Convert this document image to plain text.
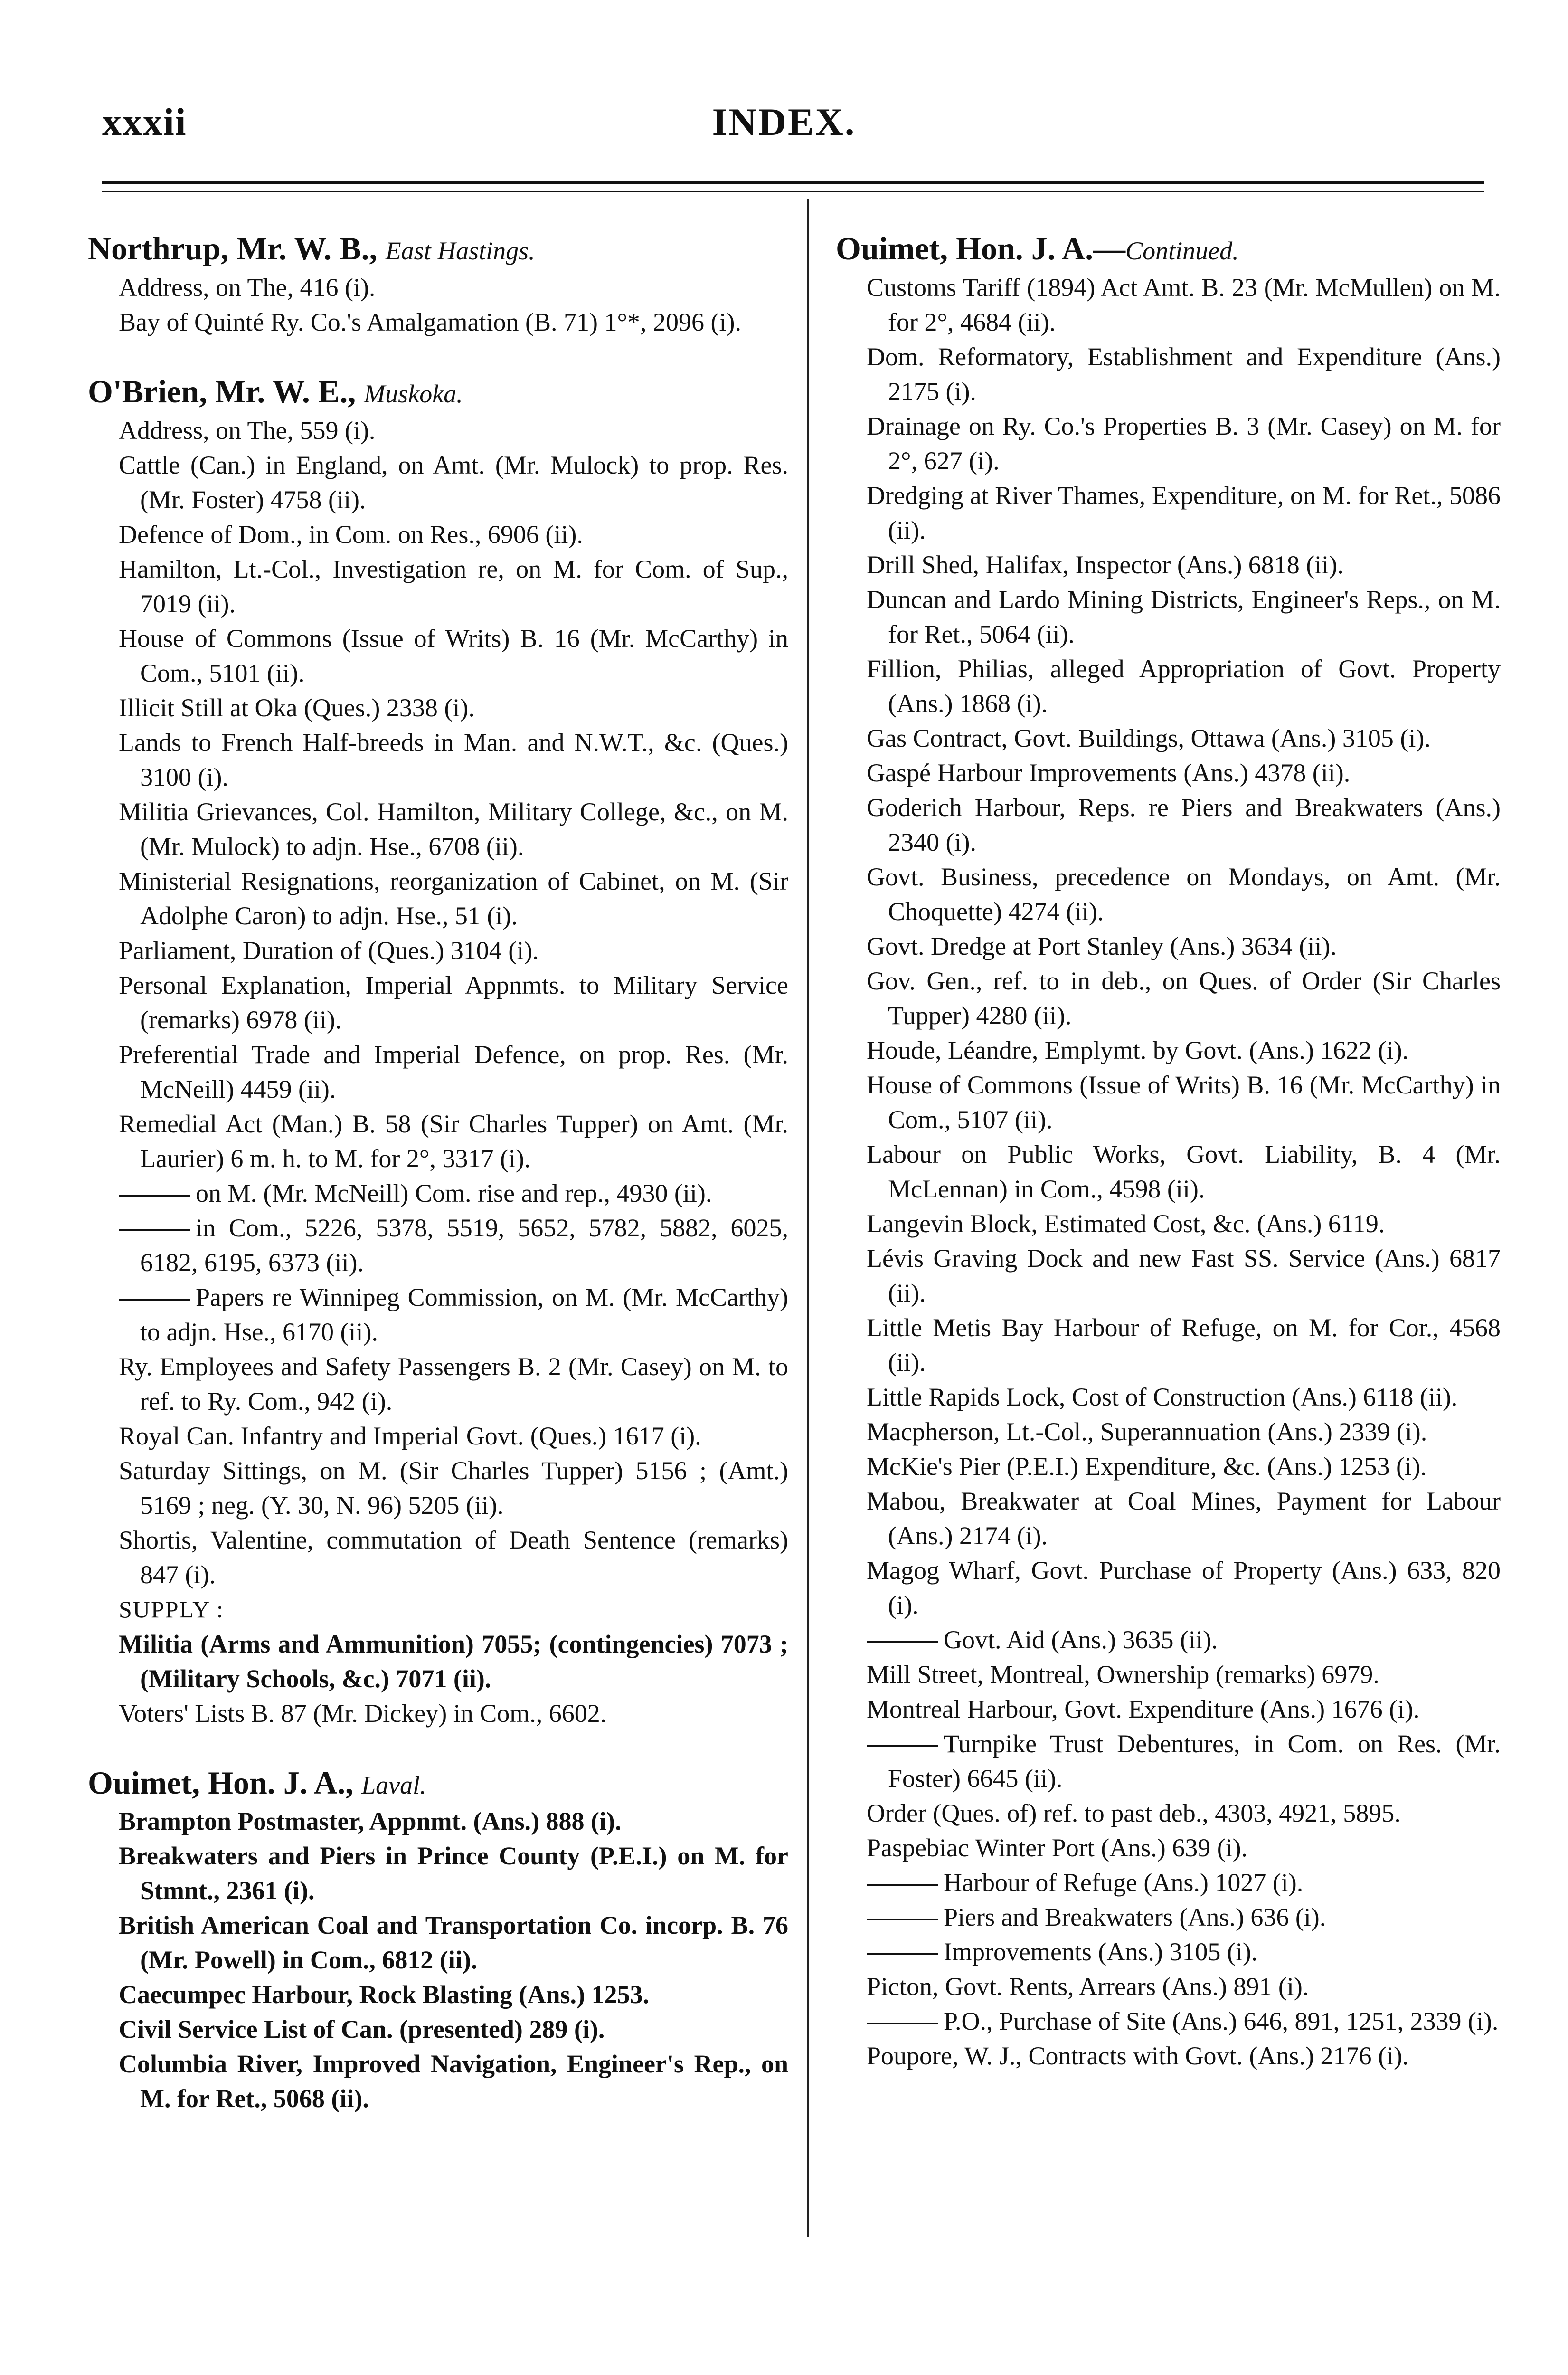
xxxii	INDEX.
Northrup, Mr. W. B., East Hastings.
Address, on The, 416 (i).
Bay of Quinté Ry. Co.'s Amalgamation (B. 71) 1°*, 2096 (i).
O'Brien, Mr. W. E., Muskoka.
Address, on The, 559 (i).
Cattle (Can.) in England, on Amt. (Mr. Mulock) to prop. Res. (Mr. Foster) 4758 (ii).
Defence of Dom., in Com. on Res., 6906 (ii).
Hamilton, Lt.-Col., Investigation re, on M. for Com. of Sup., 7019 (ii).
House of Commons (Issue of Writs) B. 16 (Mr. McCarthy) in Com., 5101 (ii).
Illicit Still at Oka (Ques.) 2338 (i).
Lands to French Half-breeds in Man. and N.W.T., &c. (Ques.) 3100 (i).
Militia Grievances, Col. Hamilton, Military College, &c., on M. (Mr. Mulock) to adjn. Hse., 6708 (ii).
Ministerial Resignations, reorganization of Cabinet, on M. (Sir Adolphe Caron) to adjn. Hse., 51 (i).
Parliament, Duration of (Ques.) 3104 (i).
Personal Explanation, Imperial Appnmts. to Military Service (remarks) 6978 (ii).
Preferential Trade and Imperial Defence, on prop. Res. (Mr. McNeill) 4459 (ii).
Remedial Act (Man.) B. 58 (Sir Charles Tupper) on Amt. (Mr. Laurier) 6 m. h. to M. for 2°, 3317 (i).
on M. (Mr. McNeill) Com. rise and rep., 4930 (ii).
in Com., 5226, 5378, 5519, 5652, 5782, 5882, 6025, 6182, 6195, 6373 (ii).
Papers re Winnipeg Commission, on M. (Mr. McCarthy) to adjn. Hse., 6170 (ii).
Ry. Employees and Safety Passengers B. 2 (Mr. Casey) on M. to ref. to Ry. Com., 942 (i).
Royal Can. Infantry and Imperial Govt. (Ques.) 1617 (i).
Saturday Sittings, on M. (Sir Charles Tupper) 5156 ; (Amt.) 5169 ; neg. (Y. 30, N. 96) 5205 (ii).
Shortis, Valentine, commutation of Death Sentence (remarks) 847 (i).
SUPPLY :
Militia (Arms and Ammunition) 7055; (contingencies) 7073 ; (Military Schools, &c.) 7071 (ii).
Voters' Lists B. 87 (Mr. Dickey) in Com., 6602.
Ouimet, Hon. J. A., Laval.
Brampton Postmaster, Appnmt. (Ans.) 888 (i).
Breakwaters and Piers in Prince County (P.E.I.) on M. for Stmnt., 2361 (i).
British American Coal and Transportation Co. incorp. B. 76 (Mr. Powell) in Com., 6812 (ii).
Caecumpec Harbour, Rock Blasting (Ans.) 1253.
Civil Service List of Can. (presented) 289 (i).
Columbia River, Improved Navigation, Engineer's Rep., on M. for Ret., 5068 (ii).
Ouimet, Hon. J. A.—Continued.
Customs Tariff (1894) Act Amt. B. 23 (Mr. McMullen) on M. for 2°, 4684 (ii).
Dom. Reformatory, Establishment and Expenditure (Ans.) 2175 (i).
Drainage on Ry. Co.'s Properties B. 3 (Mr. Casey) on M. for 2°, 627 (i).
Dredging at River Thames, Expenditure, on M. for Ret., 5086 (ii).
Drill Shed, Halifax, Inspector (Ans.) 6818 (ii).
Duncan and Lardo Mining Districts, Engineer's Reps., on M. for Ret., 5064 (ii).
Fillion, Philias, alleged Appropriation of Govt. Property (Ans.) 1868 (i).
Gas Contract, Govt. Buildings, Ottawa (Ans.) 3105 (i).
Gaspé Harbour Improvements (Ans.) 4378 (ii).
Goderich Harbour, Reps. re Piers and Breakwaters (Ans.) 2340 (i).
Govt. Business, precedence on Mondays, on Amt. (Mr. Choquette) 4274 (ii).
Govt. Dredge at Port Stanley (Ans.) 3634 (ii).
Gov. Gen., ref. to in deb., on Ques. of Order (Sir Charles Tupper) 4280 (ii).
Houde, Léandre, Emplymt. by Govt. (Ans.) 1622 (i).
House of Commons (Issue of Writs) B. 16 (Mr. McCarthy) in Com., 5107 (ii).
Labour on Public Works, Govt. Liability, B. 4 (Mr. McLennan) in Com., 4598 (ii).
Langevin Block, Estimated Cost, &c. (Ans.) 6119.
Lévis Graving Dock and new Fast SS. Service (Ans.) 6817 (ii).
Little Metis Bay Harbour of Refuge, on M. for Cor., 4568 (ii).
Little Rapids Lock, Cost of Construction (Ans.) 6118 (ii).
Macpherson, Lt.-Col., Superannuation (Ans.) 2339 (i).
McKie's Pier (P.E.I.) Expenditure, &c. (Ans.) 1253 (i).
Mabou, Breakwater at Coal Mines, Payment for Labour (Ans.) 2174 (i).
Magog Wharf, Govt. Purchase of Property (Ans.) 633, 820 (i).
Govt. Aid (Ans.) 3635 (ii).
Mill Street, Montreal, Ownership (remarks) 6979.
Montreal Harbour, Govt. Expenditure (Ans.) 1676 (i).
Turnpike Trust Debentures, in Com. on Res. (Mr. Foster) 6645 (ii).
Order (Ques. of) ref. to past deb., 4303, 4921, 5895.
Paspebiac Winter Port (Ans.) 639 (i).
Harbour of Refuge (Ans.) 1027 (i).
Piers and Breakwaters (Ans.) 636 (i).
Improvements (Ans.) 3105 (i).
Picton, Govt. Rents, Arrears (Ans.) 891 (i).
P.O., Purchase of Site (Ans.) 646, 891, 1251, 2339 (i).
Poupore, W. J., Contracts with Govt. (Ans.) 2176 (i).
